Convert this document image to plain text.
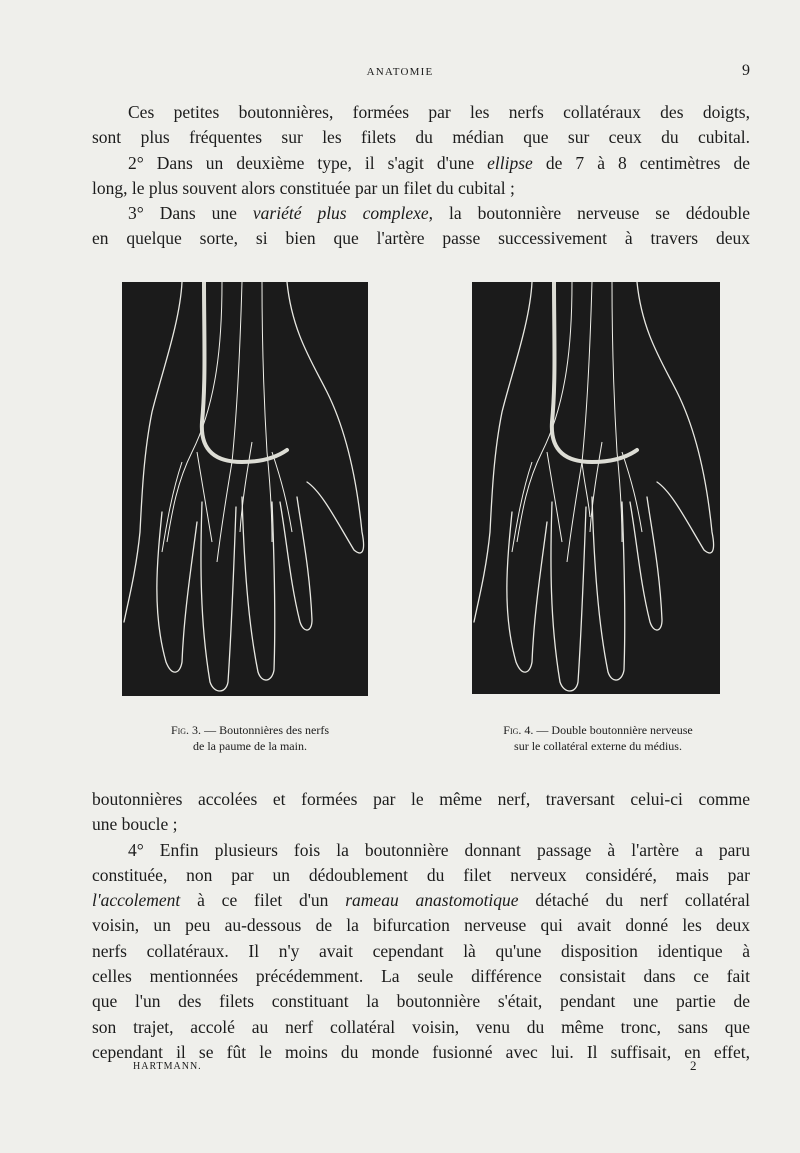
ANATOMIE	9
Ces petites boutonnières, formées par les nerfs collatéraux des doigts,
sont plus fréquentes sur les filets du médian que sur ceux du cubital.
2° Dans un deuxième type, il s'agit d'une ellipse de 7 à 8 centimètres de
long, le plus souvent alors constituée par un filet du cubital ;
3° Dans une variété plus complexe, la boutonnière nerveuse se dédouble
en quelque sorte, si bien que l'artère passe successivement à travers deux
Fig. 3. — Boutonnières des nerfs
de la paume de la main.
Fig. 4. — Double boutonnière nerveuse
sur le collatéral externe du médius.
boutonnières accolées et formées par le même nerf, traversant celui-ci comme
une boucle ;
4° Enfin plusieurs fois la boutonnière donnant passage à l'artère a paru
constituée, non par un dédoublement du filet nerveux considéré, mais par
l'accolement à ce filet d'un rameau anastomotique détaché du nerf collatéral
voisin, un peu au-dessous de la bifurcation nerveuse qui avait donné les deux
nerfs collatéraux. Il n'y avait cependant là qu'une disposition identique à
celles mentionnées précédemment. La seule différence consistait dans ce fait
que l'un des filets constituant la boutonnière s'était, pendant une partie de
son trajet, accolé au nerf collatéral voisin, venu du même tronc, sans que
cependant il se fût le moins du monde fusionné avec lui. Il suffisait, en effet,
HARTMANN.	2
